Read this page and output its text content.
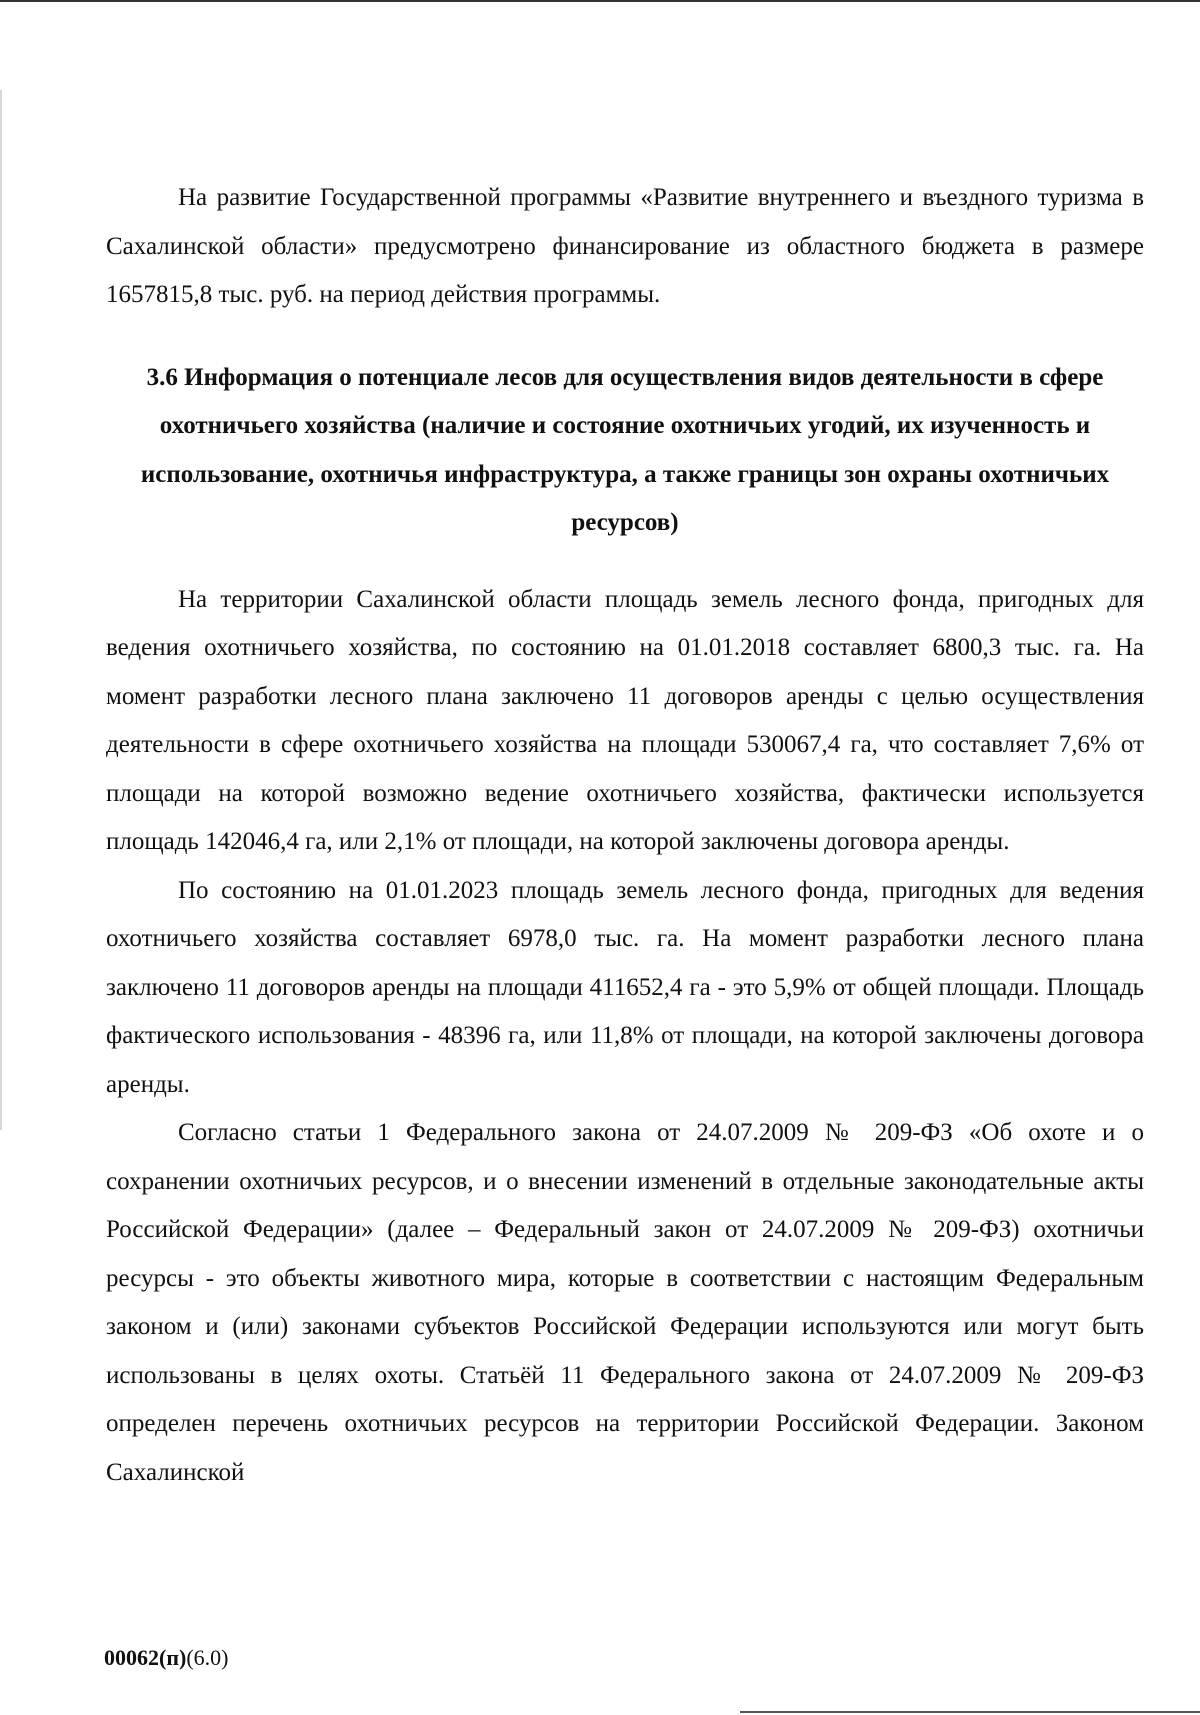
На развитие Государственной программы «Развитие внутреннего и въездного туризма в Сахалинской области» предусмотрено финансирование из областного бюджета в размере 1657815,8 тыс. руб. на период действия программы.

3.6 Информация о потенциале лесов для осуществления видов деятельности в сфере охотничьего хозяйства (наличие и состояние охотничьих угодий, их изученность и использование, охотничья инфраструктура, а также границы зон охраны охотничьих ресурсов)

На территории Сахалинской области площадь земель лесного фонда, пригодных для ведения охотничьего хозяйства, по состоянию на 01.01.2018 составляет 6800,3 тыс. га. На момент разработки лесного плана заключено 11 договоров аренды с целью осуществления деятельности в сфере охотничьего хозяйства на площади 530067,4 га, что составляет 7,6% от площади на которой возможно ведение охотничьего хозяйства, фактически используется площадь 142046,4 га, или 2,1% от площади, на которой заключены договора аренды.

По состоянию на 01.01.2023 площадь земель лесного фонда, пригодных для ведения охотничьего хозяйства составляет 6978,0 тыс. га. На момент разработки лесного плана заключено 11 договоров аренды на площади 411652,4 га - это 5,9% от общей площади. Площадь фактического использования - 48396 га, или 11,8% от площади, на которой заключены договора аренды.

Согласно статьи 1 Федерального закона от 24.07.2009 № 209-ФЗ «Об охоте и о сохранении охотничьих ресурсов, и о внесении изменений в отдельные законодательные акты Российской Федерации» (далее – Федеральный закон от 24.07.2009 № 209-ФЗ) охотничьи ресурсы - это объекты животного мира, которые в соответствии с настоящим Федеральным законом и (или) законами субъектов Российской Федерации используются или могут быть использованы в целях охоты. Статьёй 11 Федерального закона от 24.07.2009 № 209-ФЗ определен перечень охотничьих ресурсов на территории Российской Федерации. Законом Сахалинской

00062(п)(6.0)
